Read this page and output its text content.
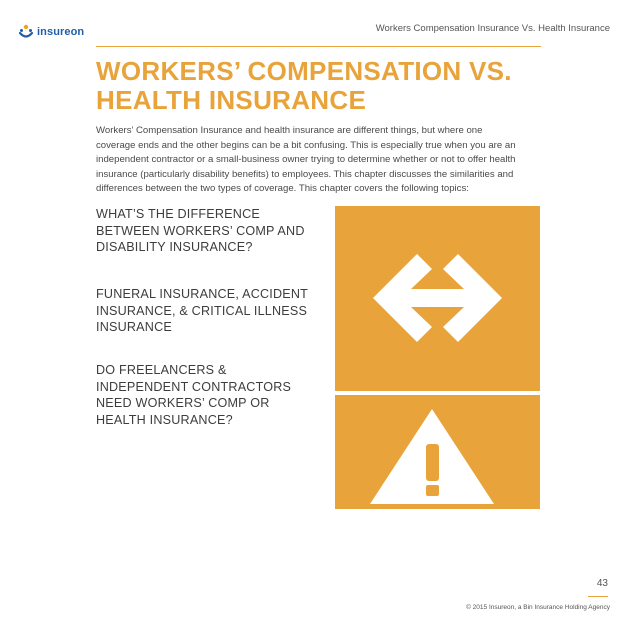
insureon	Workers Compensation Insurance Vs. Health Insurance
WORKERS’ COMPENSATION VS. HEALTH INSURANCE

Workers’ Compensation Insurance and health insurance are different things, but where one coverage ends and the other begins can be a bit confusing. This is especially true when you are an independent contractor or a small-business owner trying to determine whether or not to offer health insurance (particularly disability benefits) to employees. This chapter discusses the similarities and differences between the two types of coverage. This chapter covers the following topics:

WHAT’S THE DIFFERENCE BETWEEN WORKERS’ COMP AND DISABILITY INSURANCE?

FUNERAL INSURANCE, ACCIDENT INSURANCE, & CRITICAL ILLNESS INSURANCE

DO FREELANCERS & INDEPENDENT CONTRACTORS NEED WORKERS’ COMP OR HEALTH INSURANCE?

43
© 2015 Insureon, a Bin Insurance Holding Agency
